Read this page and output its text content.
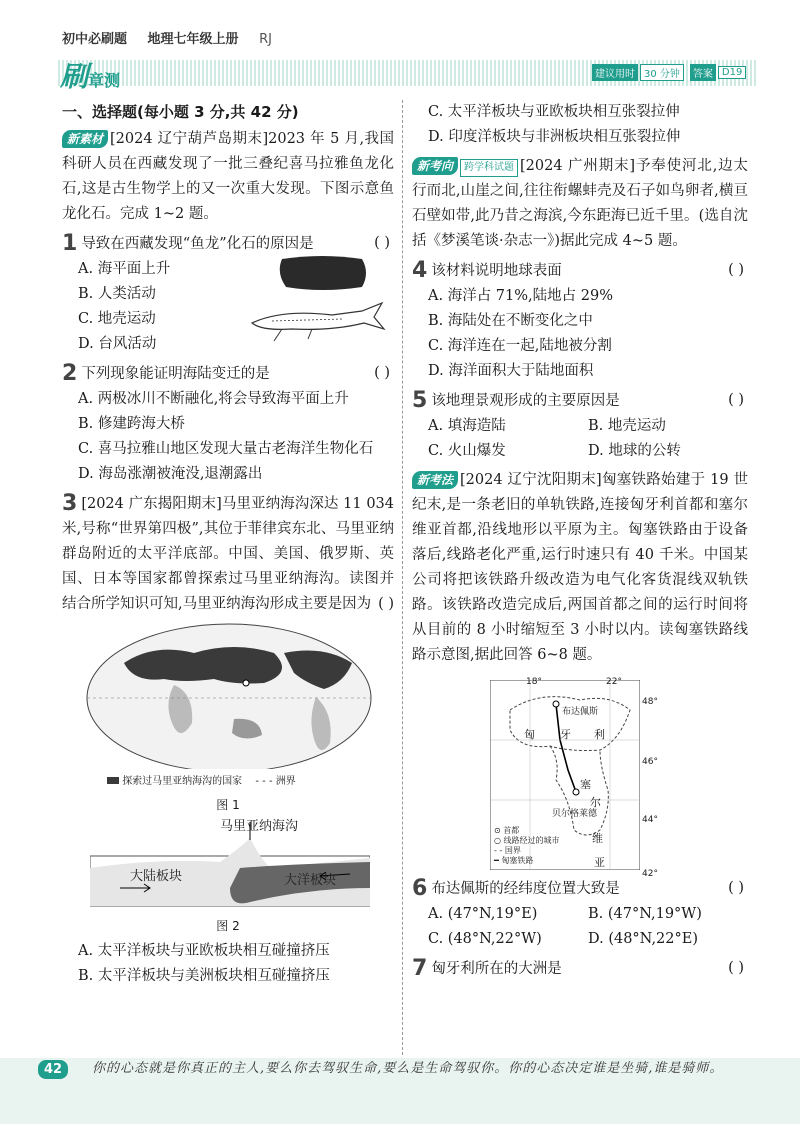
初中必刷题 地理七年级上册 RJ
刷章测	建议用时 30 分钟	答案 D19
一、选择题(每小题 3 分,共 42 分)
新素材 [2024 辽宁葫芦岛期末]2023 年 5 月,我国科研人员在西藏发现了一批三叠纪喜马拉雅鱼龙化石,这是古生物学上的又一次重大发现。下图示意鱼龙化石。完成 1~2 题。
1 导致在西藏发现“鱼龙”化石的原因是	( )
A. 海平面上升
B. 人类活动
C. 地壳运动
D. 台风活动
2 下列现象能证明海陆变迁的是	( )
A. 两极冰川不断融化,将会导致海平面上升
B. 修建跨海大桥
C. 喜马拉雅山地区发现大量古老海洋生物化石
D. 海岛涨潮被淹没,退潮露出
3 [2024 广东揭阳期末]马里亚纳海沟深达 11 034 米,号称“世界第四极”,其位于菲律宾东北、马里亚纳群岛附近的太平洋底部。中国、美国、俄罗斯、英国、日本等国家都曾探索过马里亚纳海沟。读图并结合所学知识可知,马里亚纳海沟形成主要是因为 ( )
探索过马里亚纳海沟的国家 - - - 洲界
图 1
马里亚纳海沟
大陆板块	大洋板块
图 2
A. 太平洋板块与亚欧板块相互碰撞挤压
B. 太平洋板块与美洲板块相互碰撞挤压
C. 太平洋板块与亚欧板块相互张裂拉伸
D. 印度洋板块与非洲板块相互张裂拉伸
新考向 跨学科试题 [2024 广州期末]予奉使河北,边太行而北,山崖之间,往往衔螺蚌壳及石子如鸟卵者,横亘石壁如带,此乃昔之海滨,今东距海已近千里。(选自沈括《梦溪笔谈·杂志一》)据此完成 4~5 题。
4 该材料说明地球表面	( )
A. 海洋占 71%,陆地占 29%
B. 海陆处在不断变化之中
C. 海洋连在一起,陆地被分割
D. 海洋面积大于陆地面积
5 该地理景观形成的主要原因是	( )
A. 填海造陆	B. 地壳运动
C. 火山爆发	D. 地球的公转
新考法 [2024 辽宁沈阳期末]匈塞铁路始建于 19 世纪末,是一条老旧的单轨铁路,连接匈牙利首都和塞尔维亚首都,沿线地形以平原为主。匈塞铁路由于设备落后,线路老化严重,运行时速只有 40 千米。中国某公司将把该铁路升级改造为电气化客货混线双轨铁路。该铁路改造完成后,两国首都之间的运行时间将从目前的 8 小时缩短至 3 小时以内。读匈塞铁路线路示意图,据此回答 6~8 题。
18°	22°
48°
46°
44°
42°
布达佩斯
贝尔格莱德
匈 牙 利
塞
尔
维
亚
⊙ 首都
○ 线路经过的城市
- - 国界
━ 匈塞铁路
6 布达佩斯的经纬度位置大致是	( )
A. (47°N,19°E)	B. (47°N,19°W)
C. (48°N,22°W)	D. (48°N,22°E)
7 匈牙利所在的大洲是	( )
42	你的心态就是你真正的主人,要么你去驾驭生命,要么是生命驾驭你。你的心态决定谁是坐骑,谁是骑师。
